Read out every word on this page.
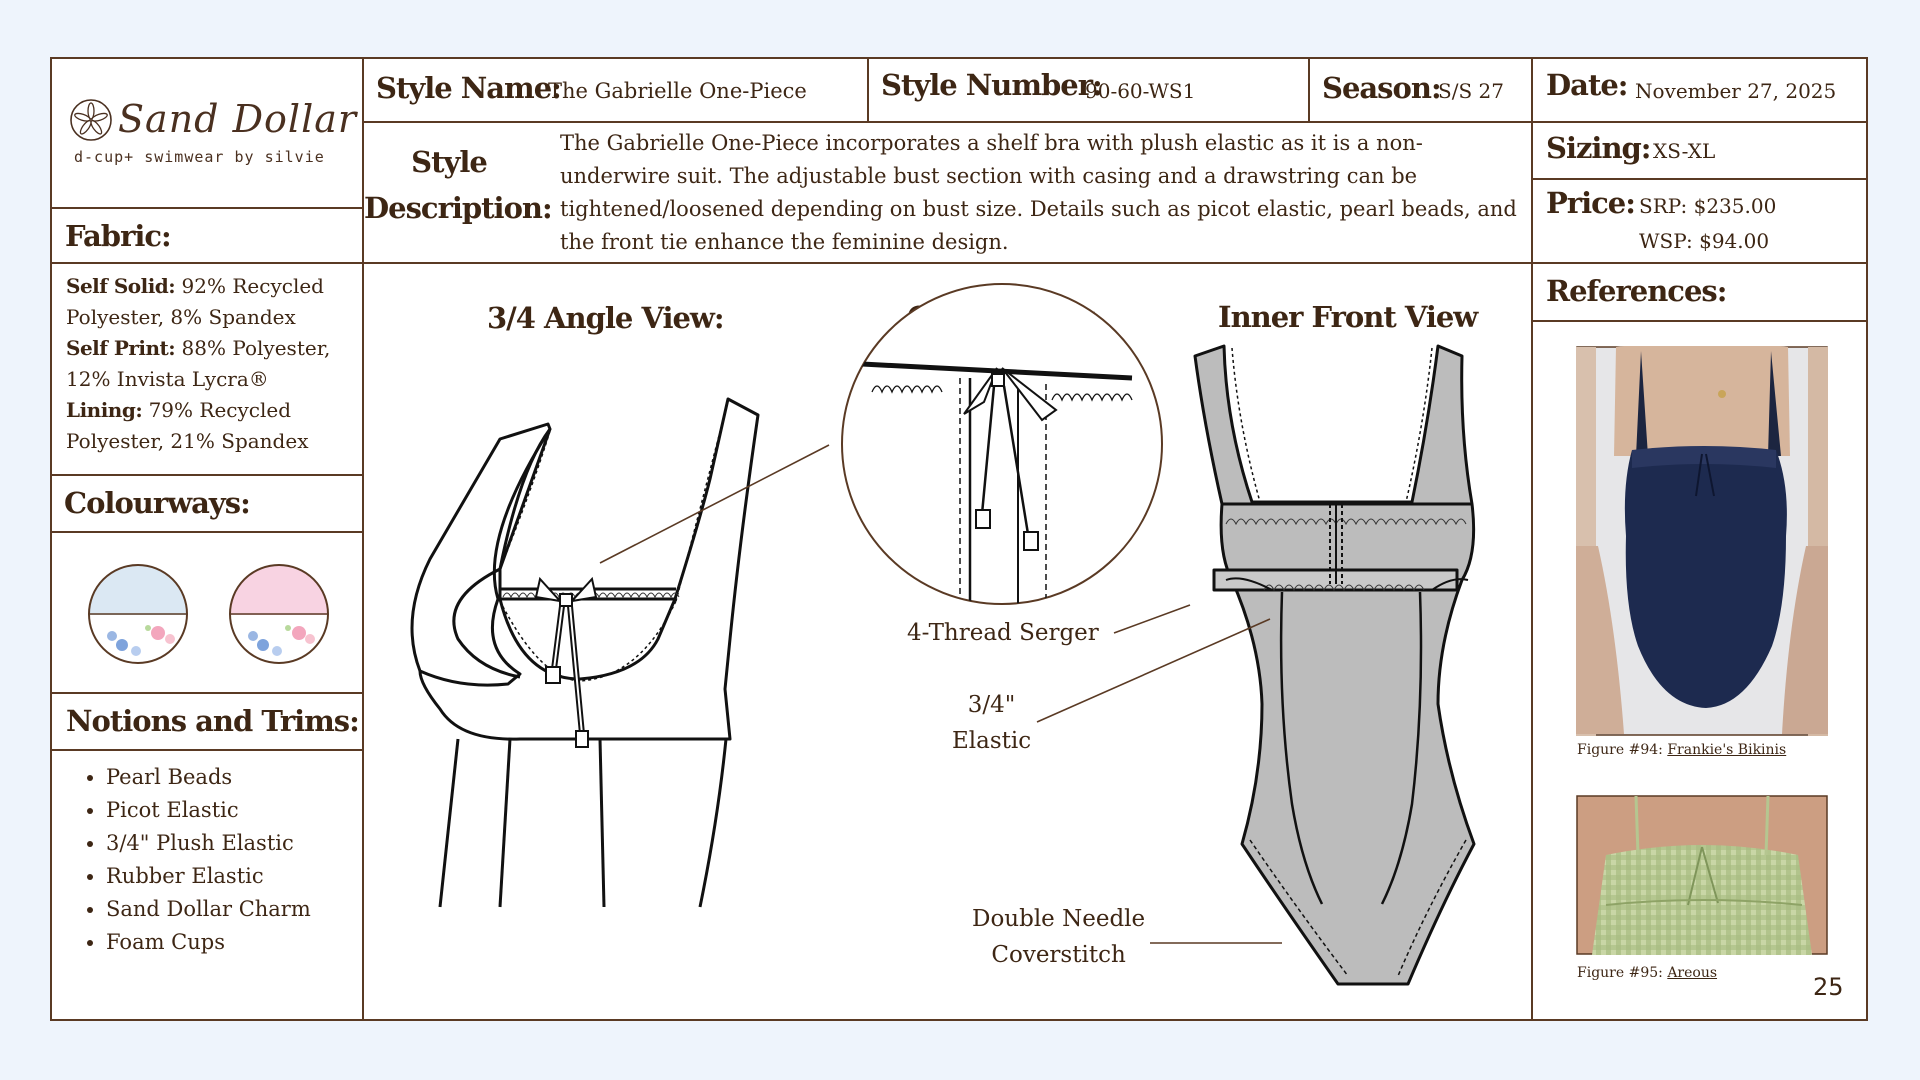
Sand Dollar
d-cup+ swimwear by silvie
Style Name:
The Gabrielle One-Piece	Style Number:
90-60-WS1	Season:
S/S 27 Date: November 27, 2025
Style
Description:
The Gabrielle One-Piece incorporates a shelf bra with plush elastic as it is a non-
underwire suit. The adjustable bust section with casing and a drawstring can be
tightened/loosened depending on bust size. Details such as picot elastic, pearl beads, and
the front tie enhance the feminine design.
Sizing: XS-XL
Price: SRP: $235.00
WSP: $94.00
Fabric:
Self Solid: 92% Recycled
Polyester, 8% Spandex
Self Print: 88% Polyester,
12% Invista Lycra®
Lining: 79% Recycled
Polyester, 21% Spandex
Colourways:
Notions and Trims:
• Pearl Beads
• Picot Elastic
• 3/4" Plush Elastic
• Rubber Elastic
• Sand Dollar Charm
• Foam Cups
References:
Figure #94: Frankie's Bikinis
Figure #95: Areous	25
3/4 Angle View:	Inner Front View
4-Thread Serger
3/4"
Elastic
Double Needle
Coverstitch
